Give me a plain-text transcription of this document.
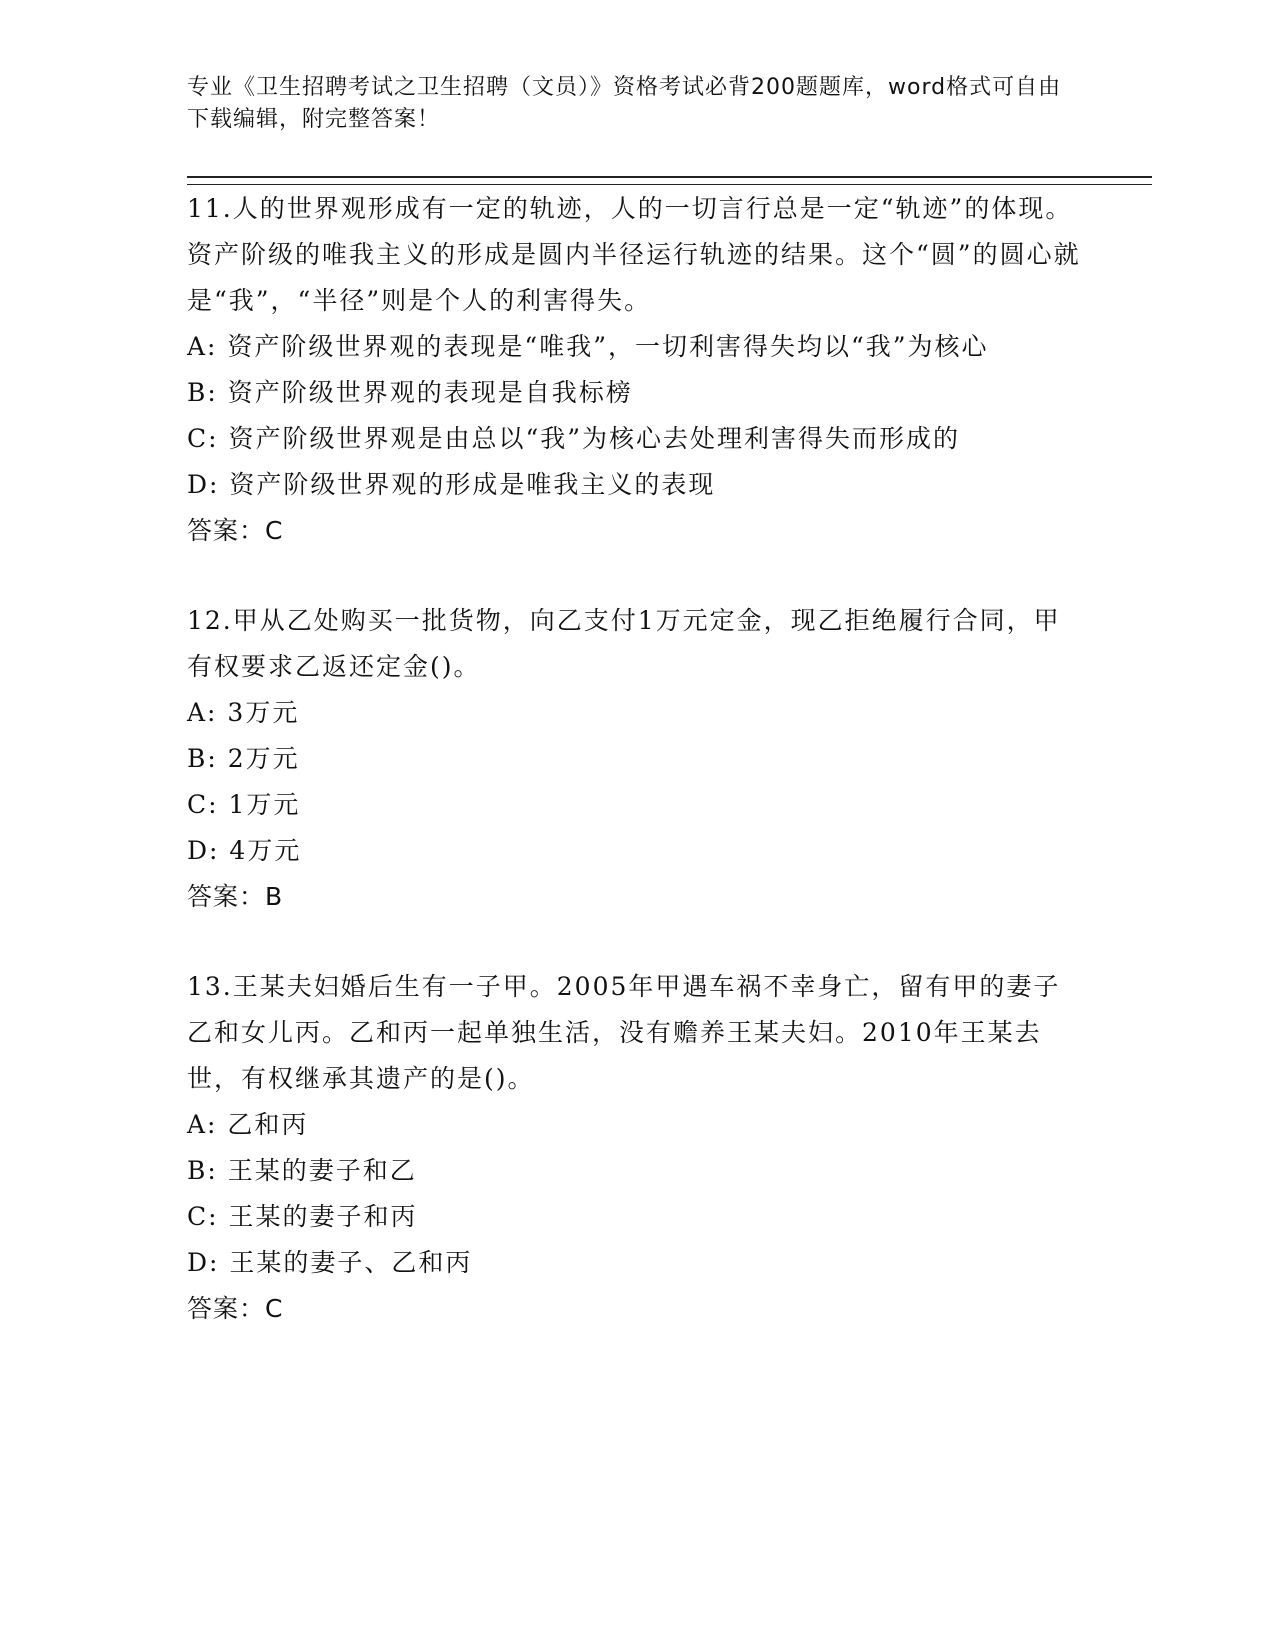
专业《卫生招聘考试之卫生招聘（文员）》资格考试必背200题题库，word格式可自由下载编辑，附完整答案！

11.人的世界观形成有一定的轨迹，人的一切言行总是一定“轨迹”的体现。资产阶级的唯我主义的形成是圆内半径运行轨迹的结果。这个“圆”的圆心就是“我”，“半径”则是个人的利害得失。

A: 资产阶级世界观的表现是“唯我”，一切利害得失均以“我”为核心

B: 资产阶级世界观的表现是自我标榜

C: 资产阶级世界观是由总以“我”为核心去处理利害得失而形成的

D: 资产阶级世界观的形成是唯我主义的表现

答案：C

12.甲从乙处购买一批货物，向乙支付1万元定金，现乙拒绝履行合同，甲有权要求乙返还定金()。

A: 3万元

B: 2万元

C: 1万元

D: 4万元

答案：B

13.王某夫妇婚后生有一子甲。2005年甲遇车祸不幸身亡，留有甲的妻子乙和女儿丙。乙和丙一起单独生活，没有赡养王某夫妇。2010年王某去世，有权继承其遗产的是()。

A: 乙和丙

B: 王某的妻子和乙

C: 王某的妻子和丙

D: 王某的妻子、乙和丙

答案：C
